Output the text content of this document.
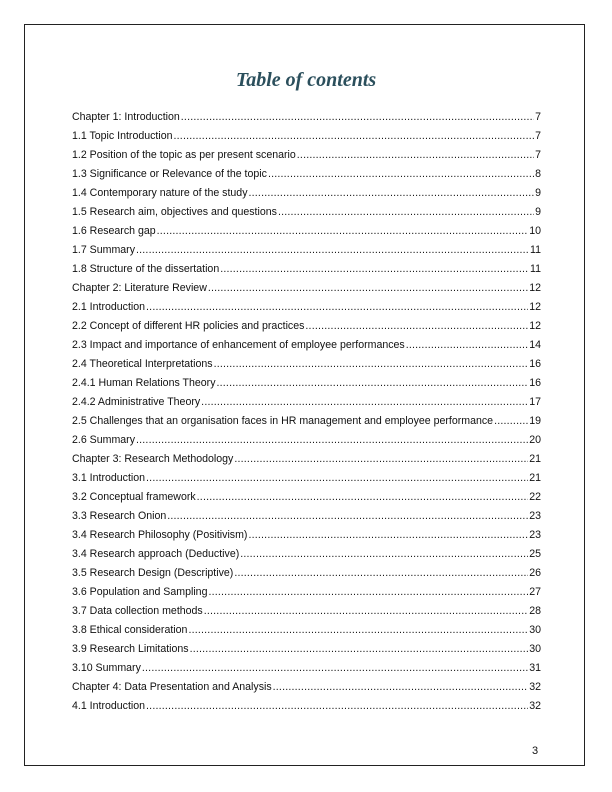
Table of contents
Chapter 1: Introduction .....	7
1.1 Topic Introduction .....	7
1.2 Position of the topic as per present scenario .....	7
1.3 Significance or Relevance of the topic .....	8
1.4 Contemporary nature of the study .....	9
1.5 Research aim, objectives and questions .....	9
1.6 Research gap .....	10
1.7 Summary .....	11
1.8 Structure of the dissertation .....	11
Chapter 2: Literature Review .....	12
2.1 Introduction .....	12
2.2 Concept of different HR policies and practices .....	12
2.3 Impact and importance of enhancement of employee performances .....	14
2.4 Theoretical Interpretations .....	16
2.4.1 Human Relations Theory .....	16
2.4.2 Administrative Theory .....	17
2.5 Challenges that an organisation faces in HR management and employee performance .....	19
2.6 Summary .....	20
Chapter 3: Research Methodology .....	21
3.1 Introduction .....	21
3.2 Conceptual framework .....	22
3.3 Research Onion .....	23
3.4 Research Philosophy (Positivism) .....	23
3.4 Research approach (Deductive) .....	25
3.5 Research Design (Descriptive) .....	26
3.6 Population and Sampling .....	27
3.7 Data collection methods .....	28
3.8 Ethical consideration .....	30
3.9 Research Limitations .....	30
3.10 Summary .....	31
Chapter 4: Data Presentation and Analysis .....	32
4.1 Introduction .....	32
3
